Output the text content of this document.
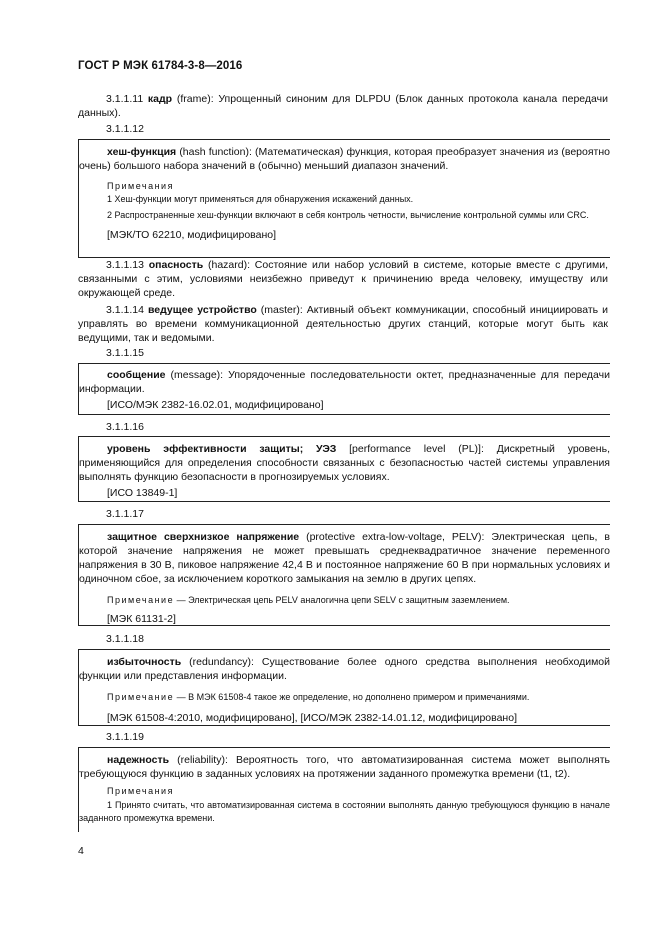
ГОСТ Р МЭК 61784-3-8—2016
3.1.1.11 кадр (frame): Упрощенный синоним для DLPDU (Блок данных протокола канала передачи данных).
3.1.1.12

хеш-функция (hash function): (Математическая) функция, которая преобразует значения из (вероятно очень) большого набора значений в (обычно) меньший диапазон значений.

Примечания

1 Хеш-функции могут применяться для обнаружения искажений данных.

2 Распространенные хеш-функции включают в себя контроль четности, вычисление контрольной суммы или CRC.

[МЭК/ТО 62210, модифицировано]

3.1.1.13 опасность (hazard): Состояние или набор условий в системе, которые вместе с другими, связанными с этим, условиями неизбежно приведут к причинению вреда человеку, имуществу или окружающей среде.
3.1.1.14 ведущее устройство (master): Активный объект коммуникации, способный инициировать и управлять во времени коммуникационной деятельностью других станций, которые могут быть как ведущими, так и ведомыми.
3.1.1.15

сообщение (message): Упорядоченные последовательности октет, предназначенные для передачи информации.

[ИСО/МЭК 2382-16.02.01, модифицировано]

3.1.1.16

уровень эффективности защиты; УЭЗ [performance level (PL)]: Дискретный уровень, применяющийся для определения способности связанных с безопасностью частей системы управления выполнять функцию безопасности в прогнозируемых условиях.

[ИСО 13849-1]

3.1.1.17

защитное сверхнизкое напряжение (protective extra-low-voltage, PELV): Электрическая цепь, в которой значение напряжения не может превышать среднеквадратичное значение переменного напряжения в 30 В, пиковое напряжение 42,4 В и постоянное напряжение 60 В при нормальных условиях и одиночном сбое, за исключением короткого замыкания на землю в других цепях.

Примечание — Электрическая цепь PELV аналогична цепи SELV с защитным заземлением.

[МЭК 61131-2]

3.1.1.18

избыточность (redundancy): Существование более одного средства выполнения необходимой функции или представления информации.

Примечание — В МЭК 61508-4 такое же определение, но дополнено примером и примечаниями.

[МЭК 61508-4:2010, модифицировано], [ИСО/МЭК 2382-14.01.12, модифицировано]

3.1.1.19

надежность (reliability): Вероятность того, что автоматизированная система может выполнять требующуюся функцию в заданных условиях на протяжении заданного промежутка времени (t1, t2).

Примечания

1 Принято считать, что автоматизированная система в состоянии выполнять данную требующуюся функцию в начале заданного промежутка времени.

4
